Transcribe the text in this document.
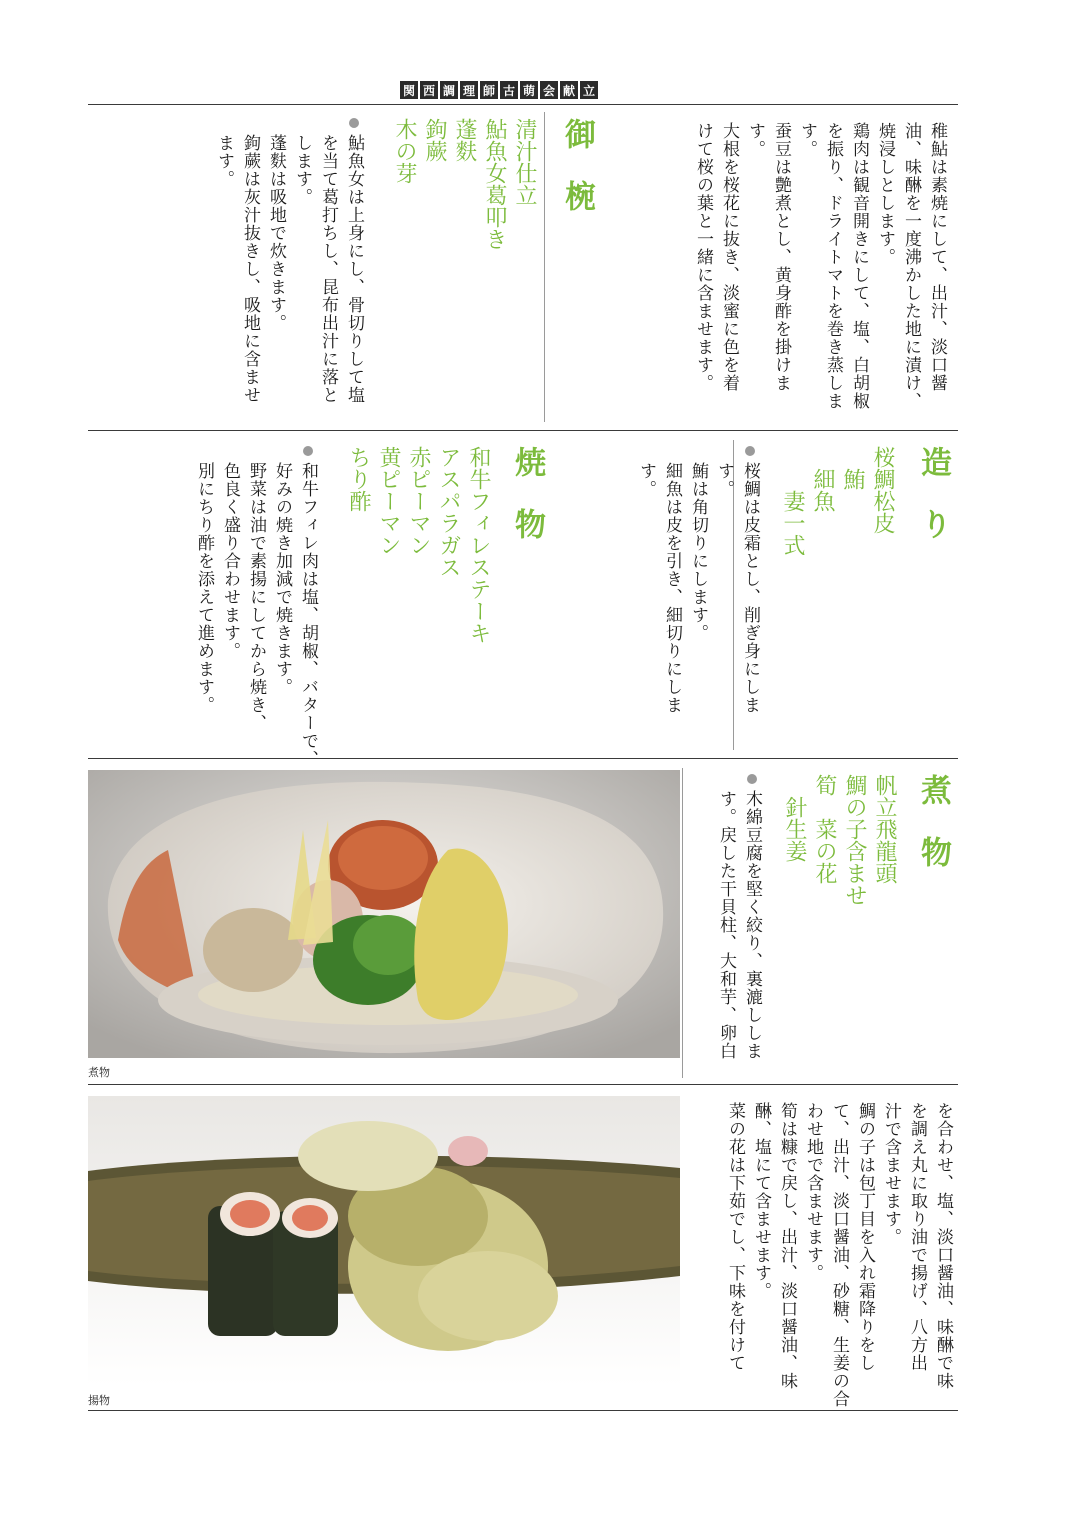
関 西 調 理 師 古 萌 会 献 立

稚鮎は素焼にして、出汁、淡口醤

油、味醂を一度沸かした地に漬け、

焼浸しとします。

鶏肉は観音開きにして、塩、白胡椒

を振り、ドライトマトを巻き蒸しま

す。

蚕豆は艶煮とし、黄身酢を掛けま

す。

大根を桜花に抜き、淡蜜に色を着

けて桜の葉と一緒に含ませます。

御　椀

清汁仕立

鮎魚女葛叩き

蓬麩

鉤蕨

木の芽

鮎魚女は上身にし、骨切りして塩

を当て葛打ちし、昆布出汁に落と

します。

蓬麩は吸地で炊きます。

鉤蕨は灰汁抜きし、吸地に含ませ

ます。

造　り

桜鯛松皮

　鮪

　細魚

　　妻一式

桜鯛は皮霜とし、削ぎ身にしま

す。

鮪は角切りにします。

細魚は皮を引き、細切りにしま

す。

焼　物

和牛フィレステーキ

アスパラガス

赤ピーマン

黄ピーマン

ちり酢

和牛フィレ肉は塩、胡椒、バターで、

好みの焼き加減で焼きます。

野菜は油で素揚にしてから焼き、

色良く盛り合わせます。

別にちり酢を添えて進めます。

煮　物

帆立飛龍頭

鯛の子含ませ

筍　菜の花

　針生姜

木綿豆腐を堅く絞り、裏漉ししま

す。戻した干貝柱、大和芋、卵白

煮物

を合わせ、塩、淡口醤油、味醂で味

を調え丸に取り油で揚げ、八方出

汁で含ませます。

鯛の子は包丁目を入れ霜降りをし

て、出汁、淡口醤油、砂糖、生姜の合

わせ地で含ませます。

筍は糠で戻し、出汁、淡口醤油、味

醂、塩にて含ませます。

菜の花は下茹でし、下味を付けて

揚物
